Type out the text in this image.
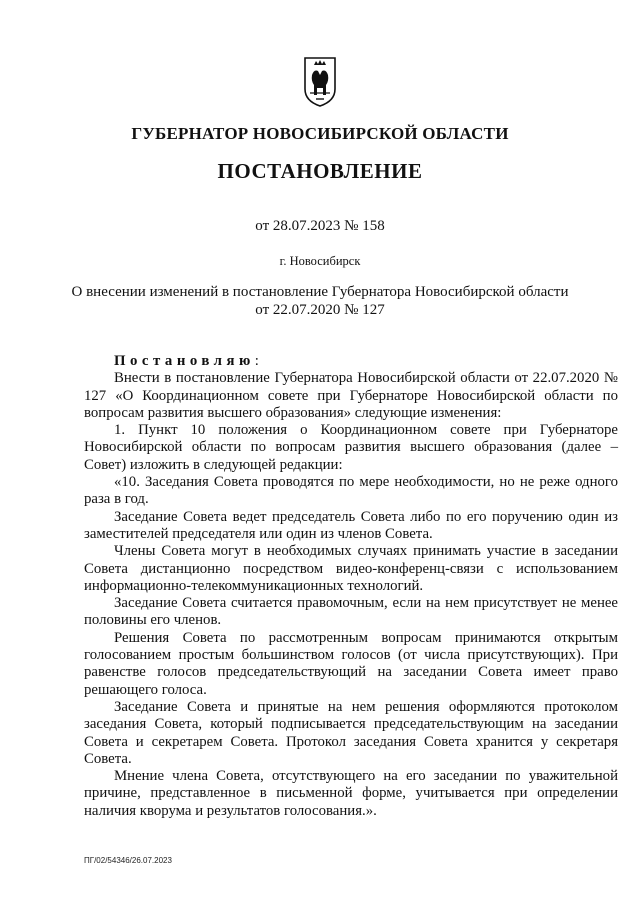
ГУБЕРНАТОР НОВОСИБИРСКОЙ ОБЛАСТИ
ПОСТАНОВЛЕНИЕ
от 28.07.2023 № 158
г. Новосибирск
О внесении изменений в постановление Губернатора Новосибирской области
от 22.07.2020 № 127

Постановляю:

Внести в постановление Губернатора Новосибирской области от 22.07.2020 № 127 «О Координационном совете при Губернаторе Новосибирской области по вопросам развития высшего образования» следующие изменения:

1. Пункт 10 положения о Координационном совете при Губернаторе Новосибирской области по вопросам развития высшего образования (далее – Совет) изложить в следующей редакции:

«10. Заседания Совета проводятся по мере необходимости, но не реже одного раза в год.

Заседание Совета ведет председатель Совета либо по его поручению один из заместителей председателя или один из членов Совета.

Члены Совета могут в необходимых случаях принимать участие в заседании Совета дистанционно посредством видео-конференц-связи с использованием информационно-телекоммуникационных технологий.

Заседание Совета считается правомочным, если на нем присутствует не менее половины его членов.

Решения Совета по рассмотренным вопросам принимаются открытым голосованием простым большинством голосов (от числа присутствующих). При равенстве голосов председательствующий на заседании Совета имеет право решающего голоса.

Заседание Совета и принятые на нем решения оформляются протоколом заседания Совета, который подписывается председательствующим на заседании Совета и секретарем Совета. Протокол заседания Совета хранится у секретаря Совета.

Мнение члена Совета, отсутствующего на его заседании по уважительной причине, представленное в письменной форме, учитывается при определении наличия кворума и результатов голосования.».

ПГ/02/54346/26.07.2023
